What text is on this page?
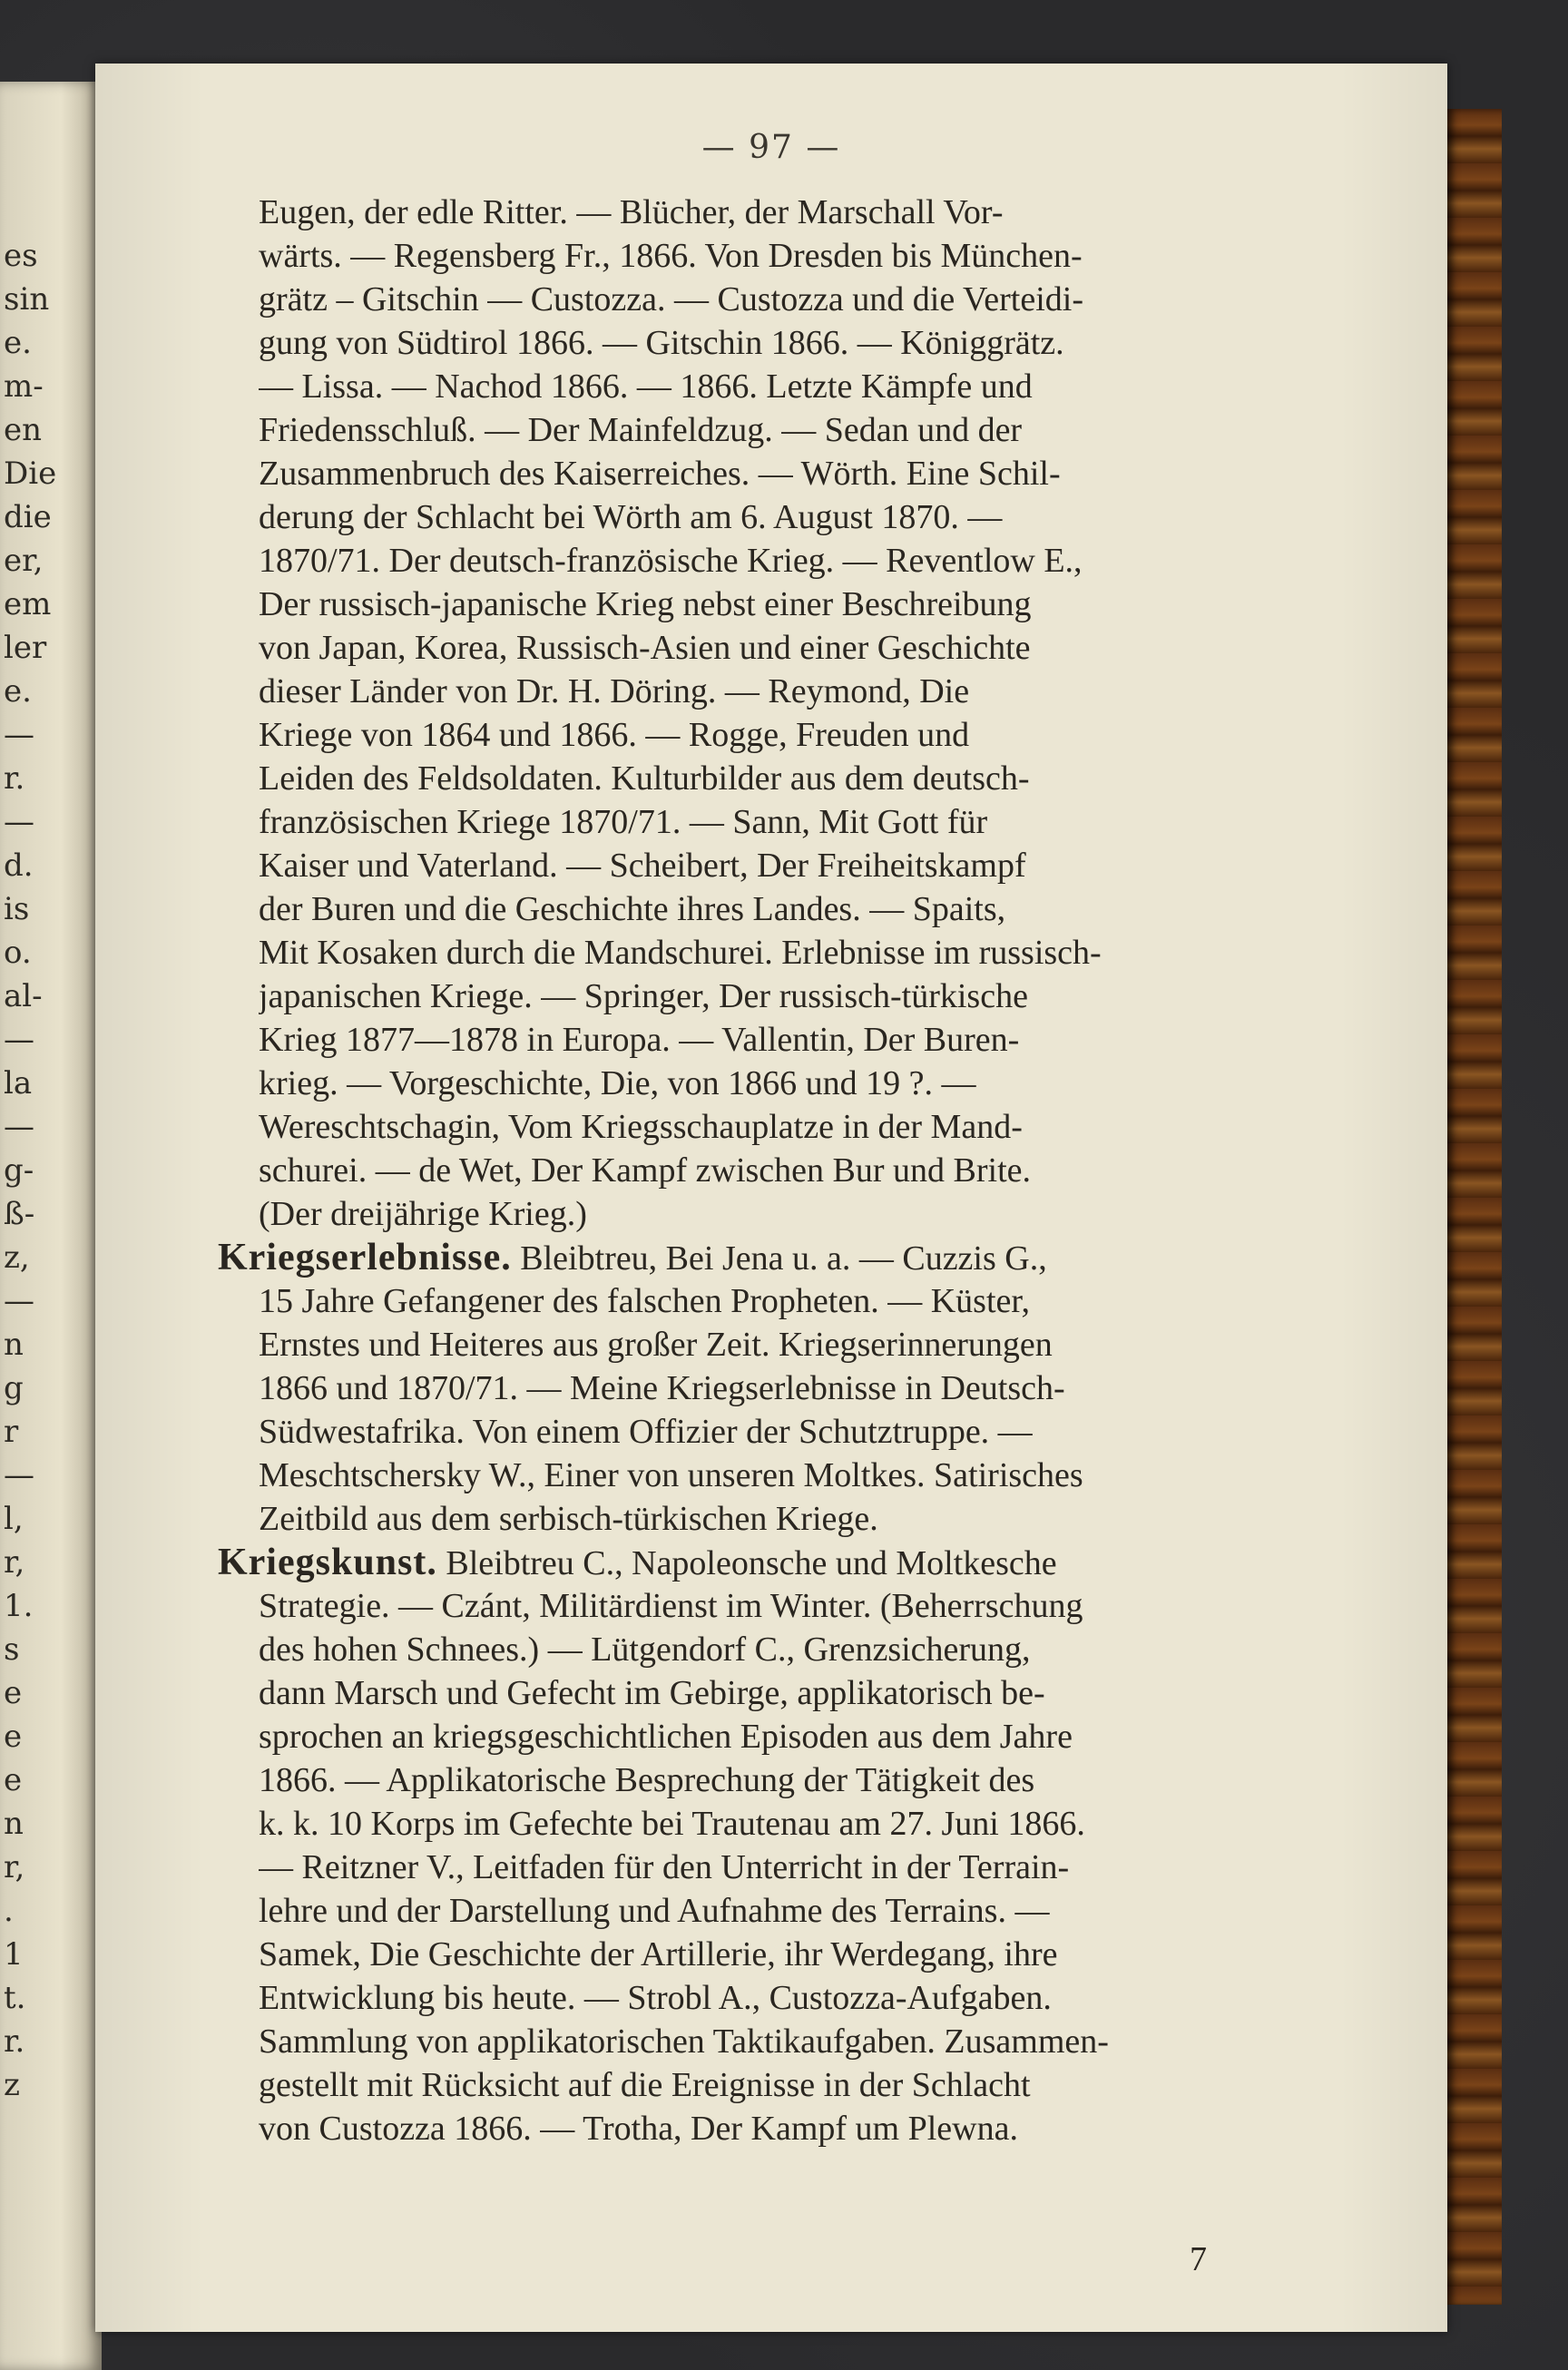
es
sin
e.
m-
en
Die
die
er,
em
ler
e.
—
r.
—
d.
is
o.
al-
—
la
—
g-
ß-
z,
—
n
g
r
—
l,
r,
1.
s
e
e
e
n
r,
.
1
t.
r.
z
— 97 —
Eugen, der edle Ritter. — Blücher, der Marschall Vor-
wärts. — Regensberg Fr., 1866. Von Dresden bis München-
grätz – Gitschin — Custozza. — Custozza und die Verteidi-
gung von Südtirol 1866. — Gitschin 1866. — Königgrätz.
— Lissa. — Nachod 1866. — 1866. Letzte Kämpfe und
Friedensschluß. — Der Mainfeldzug. — Sedan und der
Zusammenbruch des Kaiserreiches. — Wörth. Eine Schil-
derung der Schlacht bei Wörth am 6. August 1870. —
1870/71. Der deutsch-französische Krieg. — Reventlow E.,
Der russisch-japanische Krieg nebst einer Beschreibung
von Japan, Korea, Russisch-Asien und einer Geschichte
dieser Länder von Dr. H. Döring. — Reymond, Die
Kriege von 1864 und 1866. — Rogge, Freuden und
Leiden des Feldsoldaten. Kulturbilder aus dem deutsch-
französischen Kriege 1870/71. — Sann, Mit Gott für
Kaiser und Vaterland. — Scheibert, Der Freiheitskampf
der Buren und die Geschichte ihres Landes. — Spaits,
Mit Kosaken durch die Mandschurei. Erlebnisse im russisch-
japanischen Kriege. — Springer, Der russisch-türkische
Krieg 1877—1878 in Europa. — Vallentin, Der Buren-
krieg. — Vorgeschichte, Die, von 1866 und 19 ?. —
Wereschtschagin, Vom Kriegsschauplatze in der Mand-
schurei. — de Wet, Der Kampf zwischen Bur und Brite.
(Der dreijährige Krieg.)
Kriegserlebnisse. Bleibtreu, Bei Jena u. a. — Cuzzis G.,
15 Jahre Gefangener des falschen Propheten. — Küster,
Ernstes und Heiteres aus großer Zeit. Kriegserinnerungen
1866 und 1870/71. — Meine Kriegserlebnisse in Deutsch-
Südwestafrika. Von einem Offizier der Schutztruppe. —
Meschtschersky W., Einer von unseren Moltkes. Satirisches
Zeitbild aus dem serbisch-türkischen Kriege.
Kriegskunst. Bleibtreu C., Napoleonsche und Moltkesche
Strategie. — Czánt, Militärdienst im Winter. (Beherrschung
des hohen Schnees.) — Lütgendorf C., Grenzsicherung,
dann Marsch und Gefecht im Gebirge, applikatorisch be-
sprochen an kriegsgeschichtlichen Episoden aus dem Jahre
1866. — Applikatorische Besprechung der Tätigkeit des
k. k. 10 Korps im Gefechte bei Trautenau am 27. Juni 1866.
— Reitzner V., Leitfaden für den Unterricht in der Terrain-
lehre und der Darstellung und Aufnahme des Terrains. —
Samek, Die Geschichte der Artillerie, ihr Werdegang, ihre
Entwicklung bis heute. — Strobl A., Custozza-Aufgaben.
Sammlung von applikatorischen Taktikaufgaben. Zusammen-
gestellt mit Rücksicht auf die Ereignisse in der Schlacht
von Custozza 1866. — Trotha, Der Kampf um Plewna.
7
